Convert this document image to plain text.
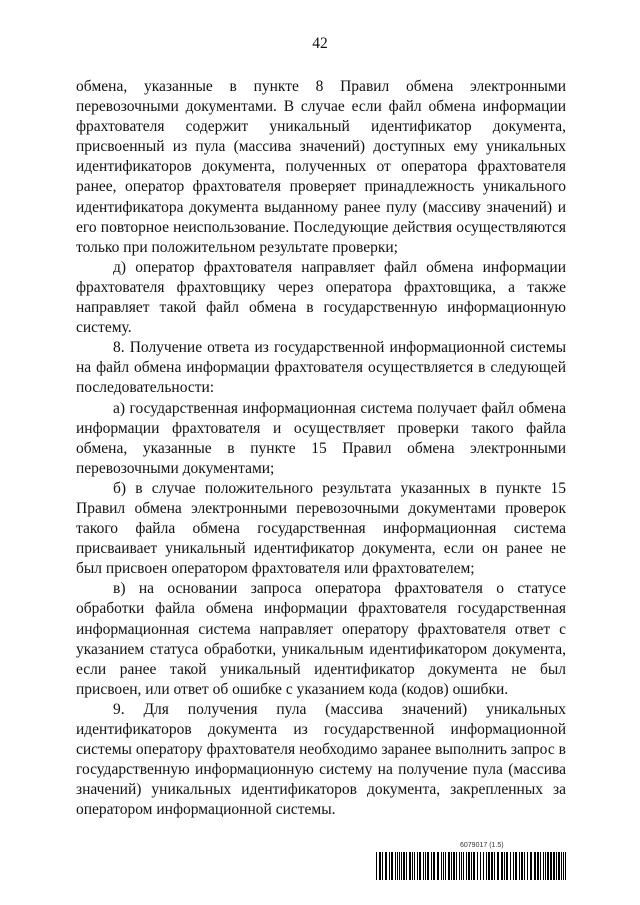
42

обмена, указанные в пункте 8 Правил обмена электронными перевозочными документами. В случае если файл обмена информации фрахтователя содержит уникальный идентификатор документа, присвоенный из пула (массива значений) доступных ему уникальных идентификаторов документа, полученных от оператора фрахтователя ранее, оператор фрахтователя проверяет принадлежность уникального идентификатора документа выданному ранее пулу (массиву значений) и его повторное неиспользование. Последующие действия осуществляются только при положительном результате проверки;

д) оператор фрахтователя направляет файл обмена информации фрахтователя фрахтовщику через оператора фрахтовщика, а также направляет такой файл обмена в государственную информационную систему.

8. Получение ответа из государственной информационной системы на файл обмена информации фрахтователя осуществляется в следующей последовательности:

а) государственная информационная система получает файл обмена информации фрахтователя и осуществляет проверки такого файла обмена, указанные в пункте 15 Правил обмена электронными перевозочными документами;

б) в случае положительного результата указанных в пункте 15 Правил обмена электронными перевозочными документами проверок такого файла обмена государственная информационная система присваивает уникальный идентификатор документа, если он ранее не был присвоен оператором фрахтователя или фрахтователем;

в) на основании запроса оператора фрахтователя о статусе обработки файла обмена информации фрахтователя государственная информационная система направляет оператору фрахтователя ответ с указанием статуса обработки, уникальным идентификатором документа, если ранее такой уникальный идентификатор документа не был присвоен, или ответ об ошибке с указанием кода (кодов) ошибки.

9. Для получения пула (массива значений) уникальных идентификаторов документа из государственной информационной системы оператору фрахтователя необходимо заранее выполнить запрос в государственную информационную систему на получение пула (массива значений) уникальных идентификаторов документа, закрепленных за оператором информационной системы.

6079017 (1.5)
